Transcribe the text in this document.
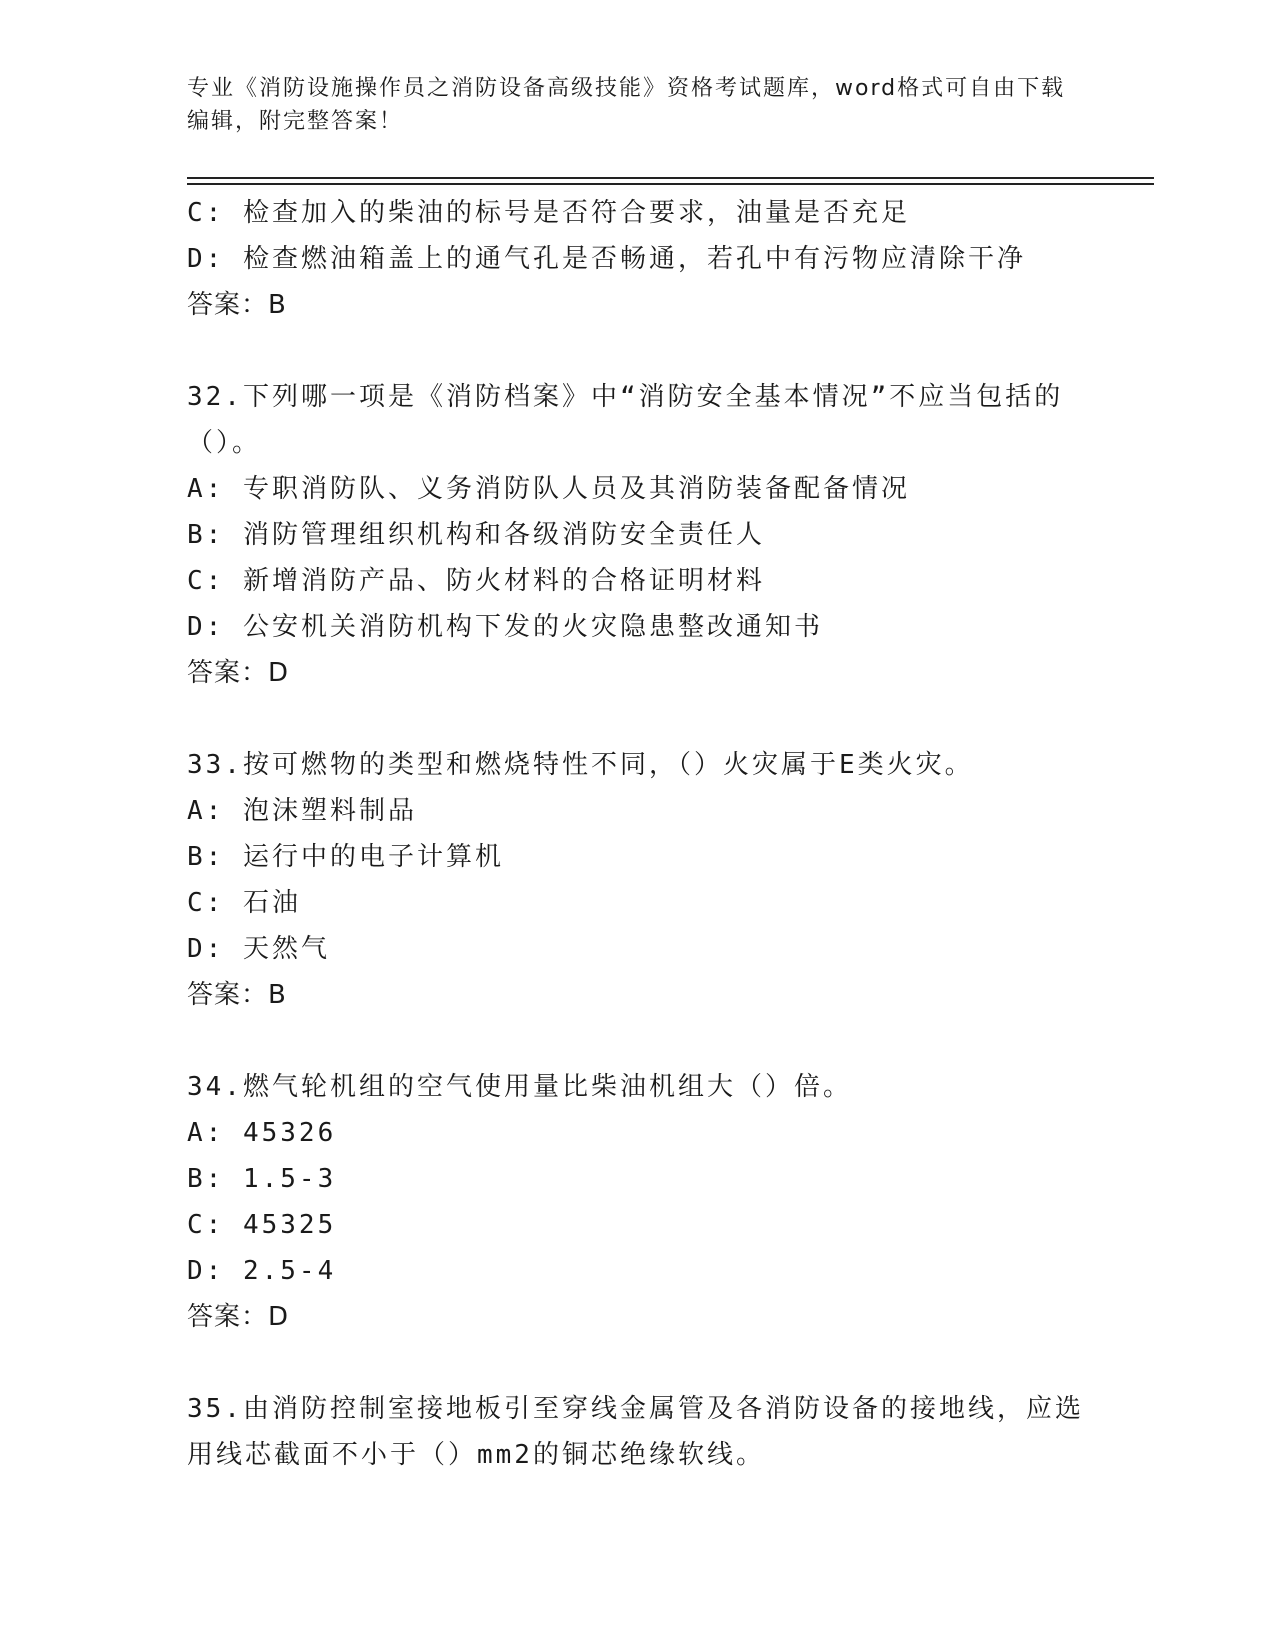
专业《消防设施操作员之消防设备高级技能》资格考试题库，word格式可自由下载编辑，附完整答案！
C: 检查加入的柴油的标号是否符合要求，油量是否充足
D: 检查燃油箱盖上的通气孔是否畅通，若孔中有污物应清除干净
答案：B
32.下列哪一项是《消防档案》中“消防安全基本情况”不应当包括的（）。
A: 专职消防队、义务消防队人员及其消防装备配备情况
B: 消防管理组织机构和各级消防安全责任人
C: 新增消防产品、防火材料的合格证明材料
D: 公安机关消防机构下发的火灾隐患整改通知书
答案：D
33.按可燃物的类型和燃烧特性不同，（）火灾属于E类火灾。
A: 泡沫塑料制品
B: 运行中的电子计算机
C: 石油
D: 天然气
答案：B
34.燃气轮机组的空气使用量比柴油机组大（）倍。
A: 45326
B: 1.5-3
C: 45325
D: 2.5-4
答案：D
35.由消防控制室接地板引至穿线金属管及各消防设备的接地线，应选用线芯截面不小于（）mm2的铜芯绝缘软线。
